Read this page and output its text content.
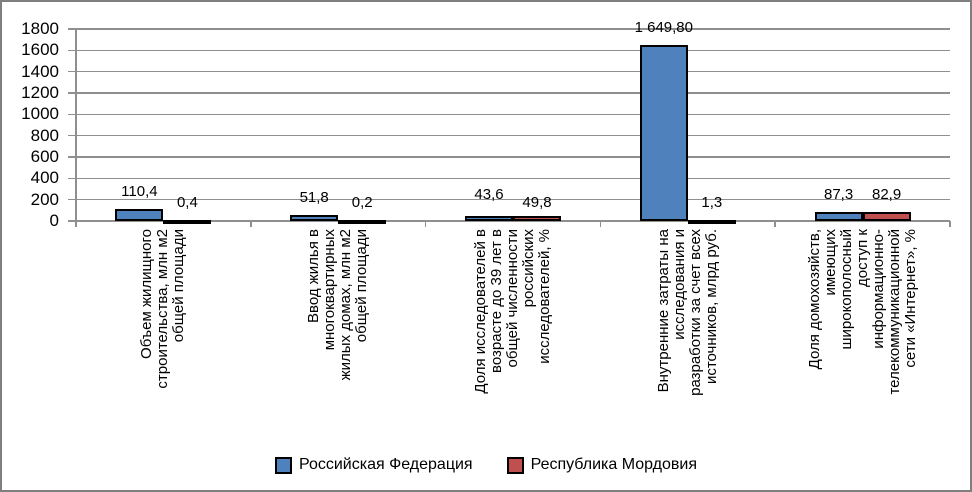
0
200
400
600
800
1000
1200
1400
1600
1800
110,4	51,8	43,6
1 649,80
87,3
0,4	0,2	49,8	1,3	82,9
Объем жилищного строительства, млн м2 общей площади	Ввод жилья в многоквартирных жилых домах, млн м2 общей площади	Доля исследователей в возрасте до 39 лет в общей численности российских исследователей, %	Внутренние затраты на исследования и разработки за счет всех источников, млрд руб.	Доля домохозяйств, имеющих широкополосный доступ к информационно- телекоммуникационной сети «Интернет», %
Российская Федерация	Республика Мордовия
